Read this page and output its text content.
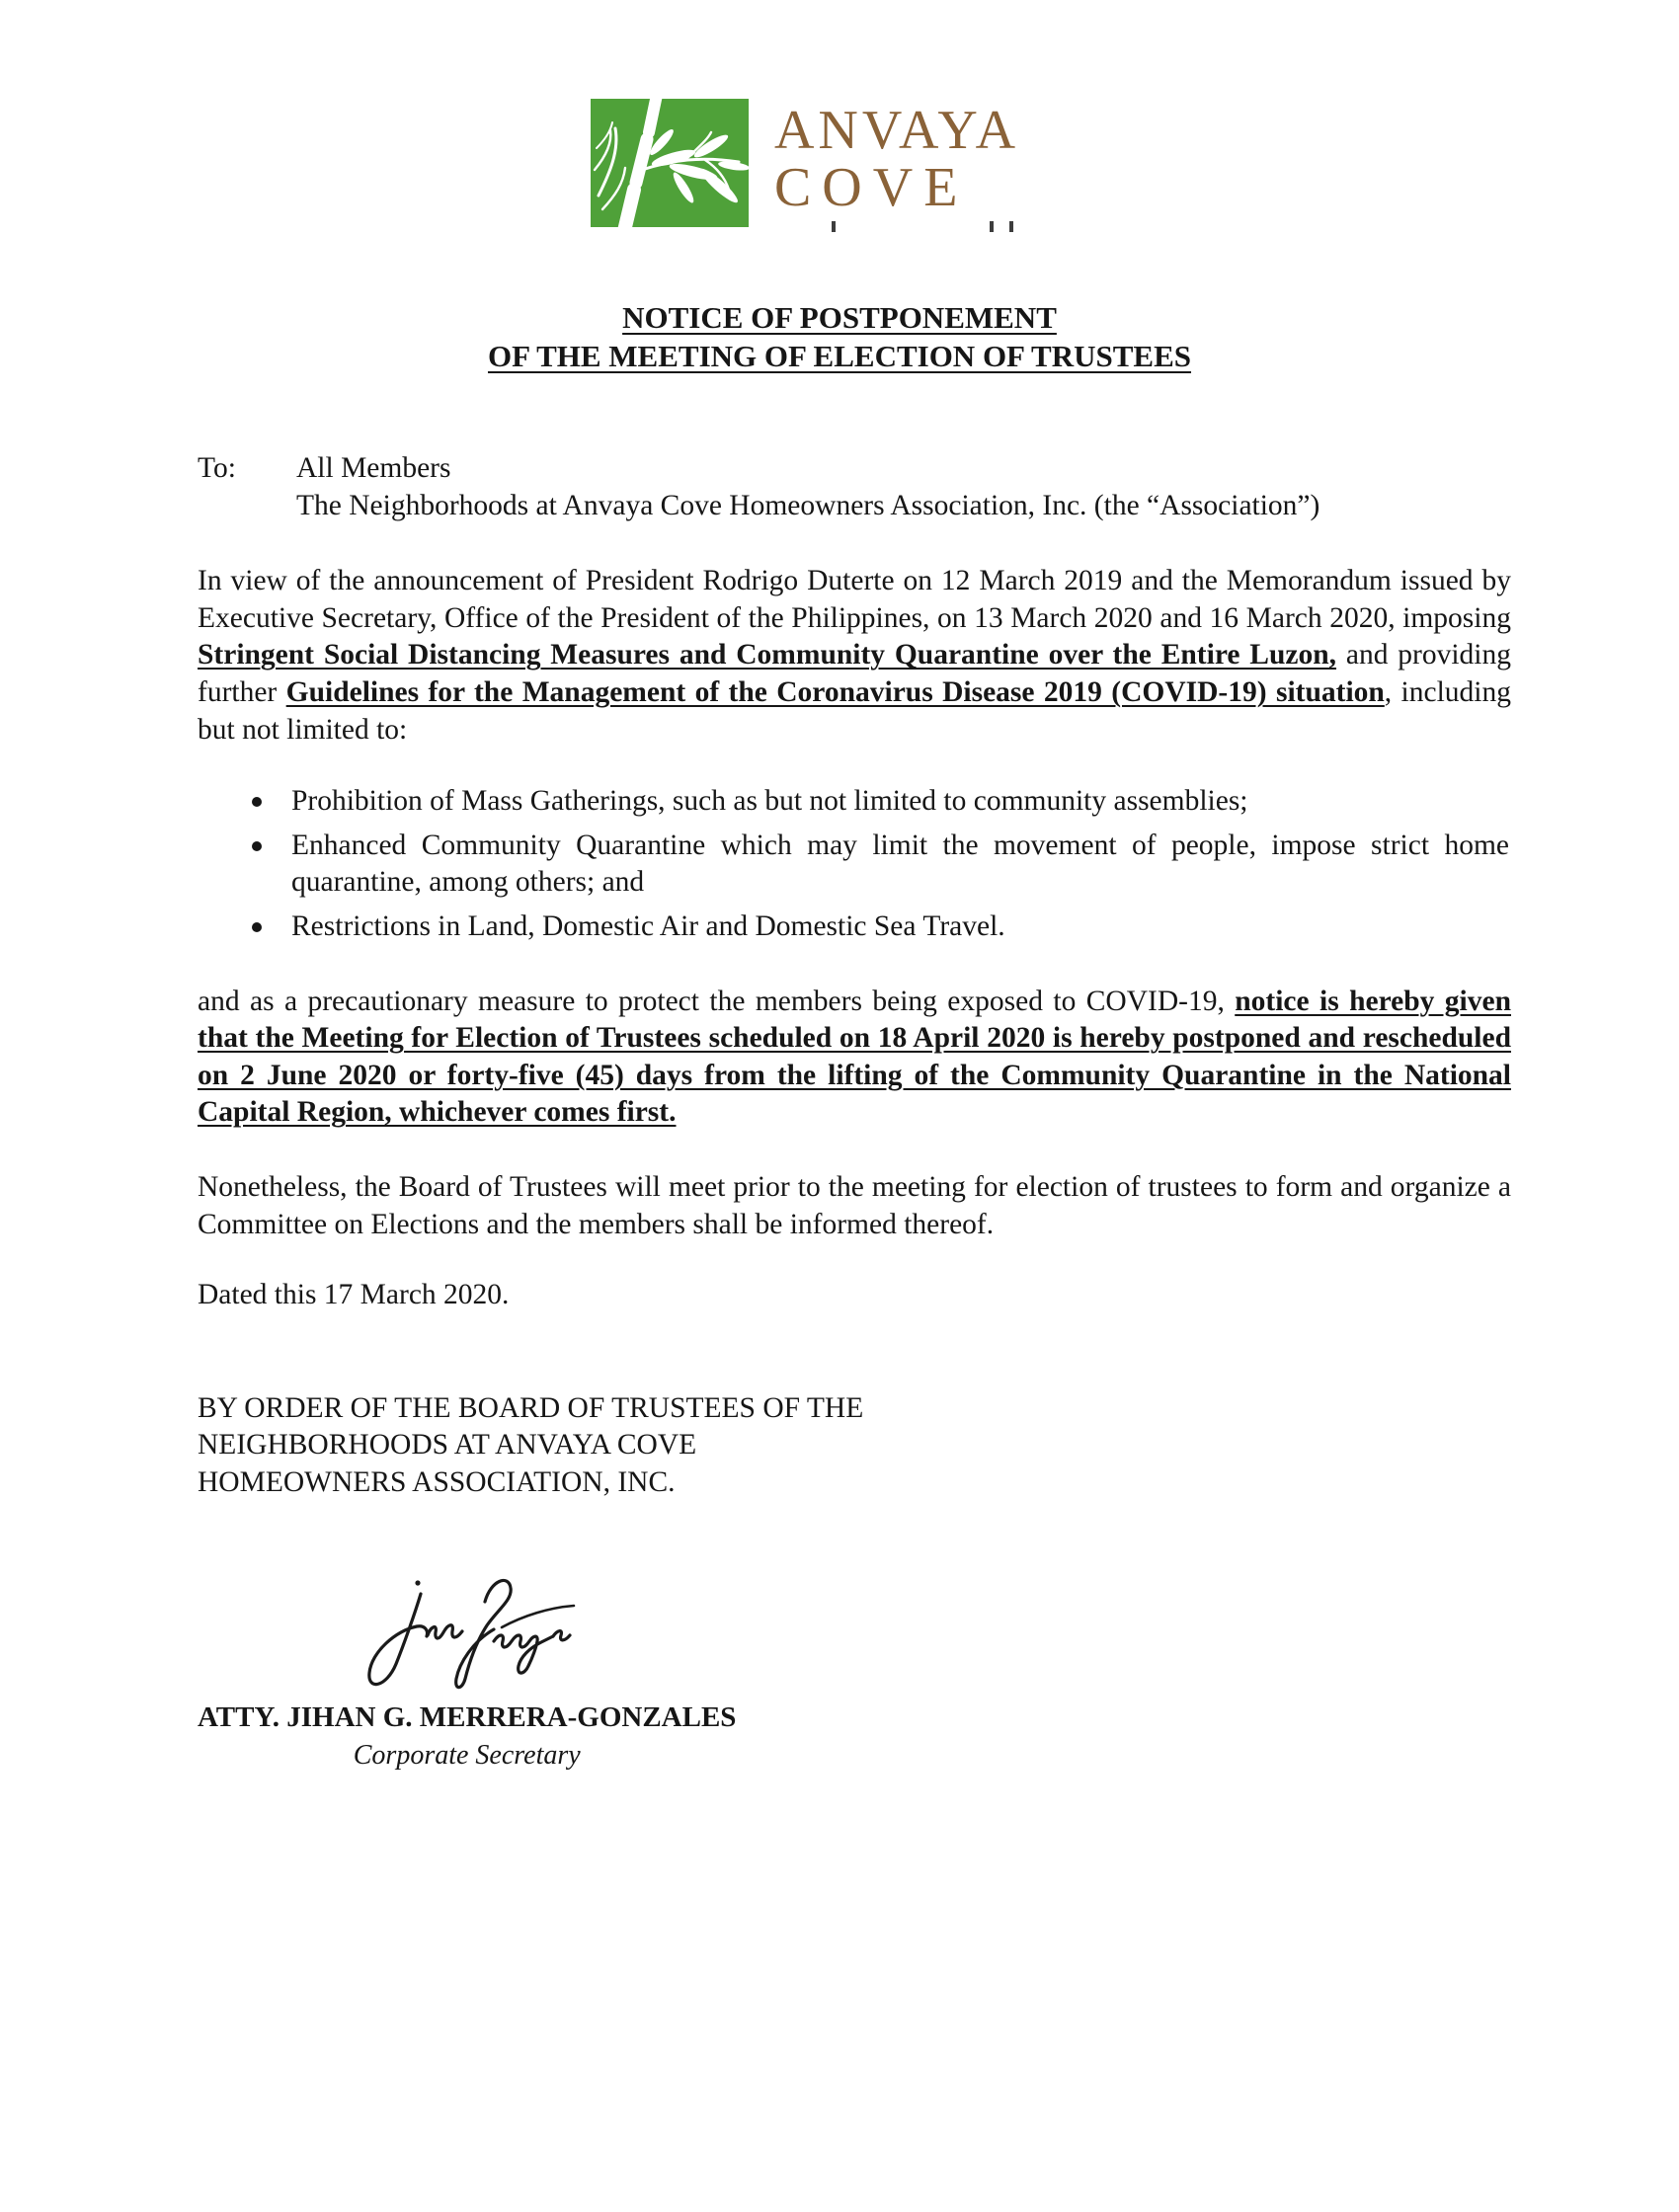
ANVAYA
COVE
NOTICE OF POSTPONEMENT
OF THE MEETING OF ELECTION OF TRUSTEES
To:	All Members
The Neighborhoods at Anvaya Cove Homeowners Association, Inc. (the “Association”)

In view of the announcement of President Rodrigo Duterte on 12 March 2019 and the Memorandum issued by Executive Secretary, Office of the President of the Philippines, on 13 March 2020 and 16 March 2020, imposing Stringent Social Distancing Measures and Community Quarantine over the Entire Luzon, and providing further Guidelines for the Management of the Coronavirus Disease 2019 (COVID-19) situation, including but not limited to:

Prohibition of Mass Gatherings, such as but not limited to community assemblies;
Enhanced Community Quarantine which may limit the movement of people, impose strict home quarantine, among others; and
Restrictions in Land, Domestic Air and Domestic Sea Travel.

and as a precautionary measure to protect the members being exposed to COVID-19, notice is hereby given that the Meeting for Election of Trustees scheduled on 18 April 2020 is hereby postponed and rescheduled on 2 June 2020 or forty-five (45) days from the lifting of the Community Quarantine in the National Capital Region, whichever comes first.

Nonetheless, the Board of Trustees will meet prior to the meeting for election of trustees to form and organize a Committee on Elections and the members shall be informed thereof.

Dated this 17 March 2020.

BY ORDER OF THE BOARD OF TRUSTEES OF THE
NEIGHBORHOODS AT ANVAYA COVE
HOMEOWNERS ASSOCIATION, INC.
ATTY. JIHAN G. MERRERA-GONZALES
Corporate Secretary
